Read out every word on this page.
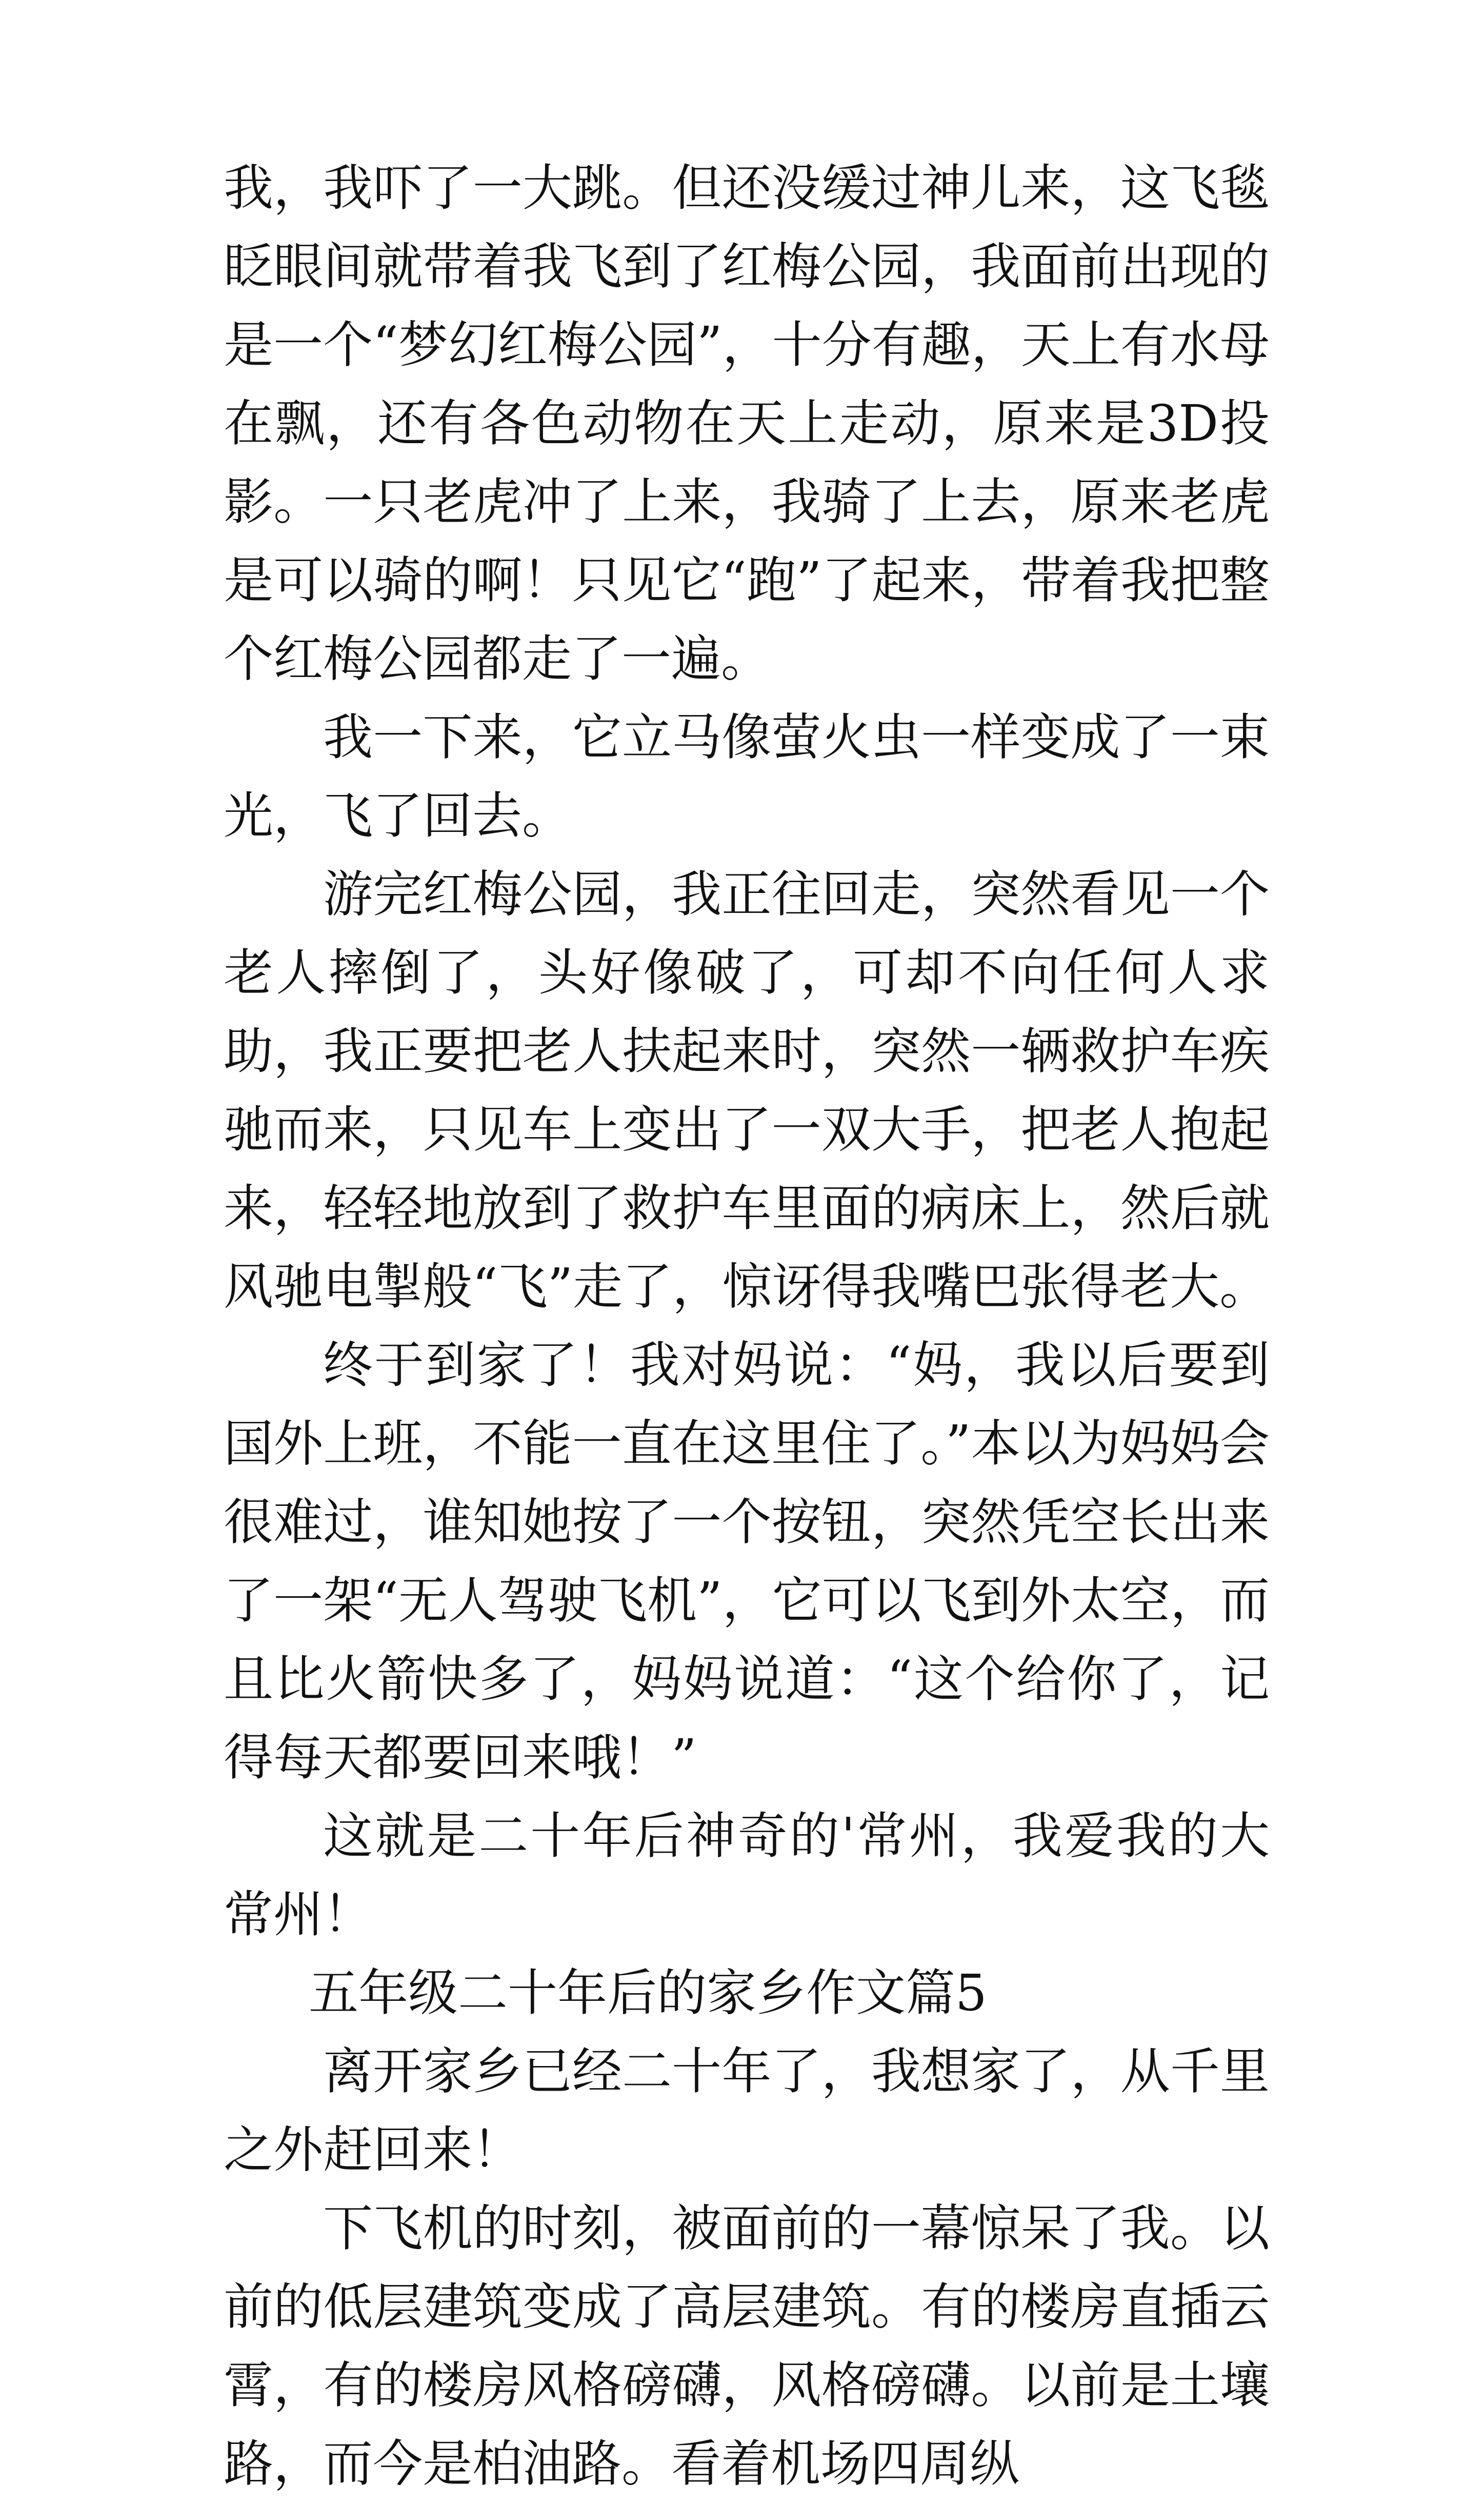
我，我吓了一大跳。但还没缓过神儿来，这飞毯眨眼间就带着我飞到了红梅公园，我面前出现的是一个“梦幻红梅公园”，十分有趣，天上有水母在飘，还有各色动物在天上走动，原来是3D投影。一只老虎冲了上来，我骑了上去，原来老虎是可以骑的啊！只见它“跑”了起来，带着我把整个红梅公园都走了一遍。

我一下来，它立马像萤火虫一样变成了一束光，飞了回去。

游完红梅公园，我正往回走，突然看见一个老人摔倒了，头好像破了，可却不向任何人求助，我正要把老人扶起来时，突然一辆救护车疾驰而来，只见车上变出了一双大手，把老人抱起来，轻轻地放到了救护车里面的病床上，然后就风驰电掣般“飞”走了，惊讶得我嘴巴张得老大。

终于到家了！我对妈说：“妈，我以后要到国外上班，不能一直在这里住了。”本以为妈妈会很难过，谁知她按了一个按钮，突然凭空长出来了一架“无人驾驶飞机”，它可以飞到外太空，而且比火箭快多了，妈妈说道：“这个给你了，记得每天都要回来哦！”

这就是二十年后神奇的'常州，我爱我的大常州！

五年级二十年后的家乡作文篇5

离开家乡已经二十年了，我想家了，从千里之外赶回来！

下飞机的时刻，被面前的一幕惊呆了我。以前的低层建筑变成了高层建筑。有的楼房直插云霄，有的楼房风格磅礴，风格磅礴。以前是土壤路，而今是柏油路。看着机场四周纵
